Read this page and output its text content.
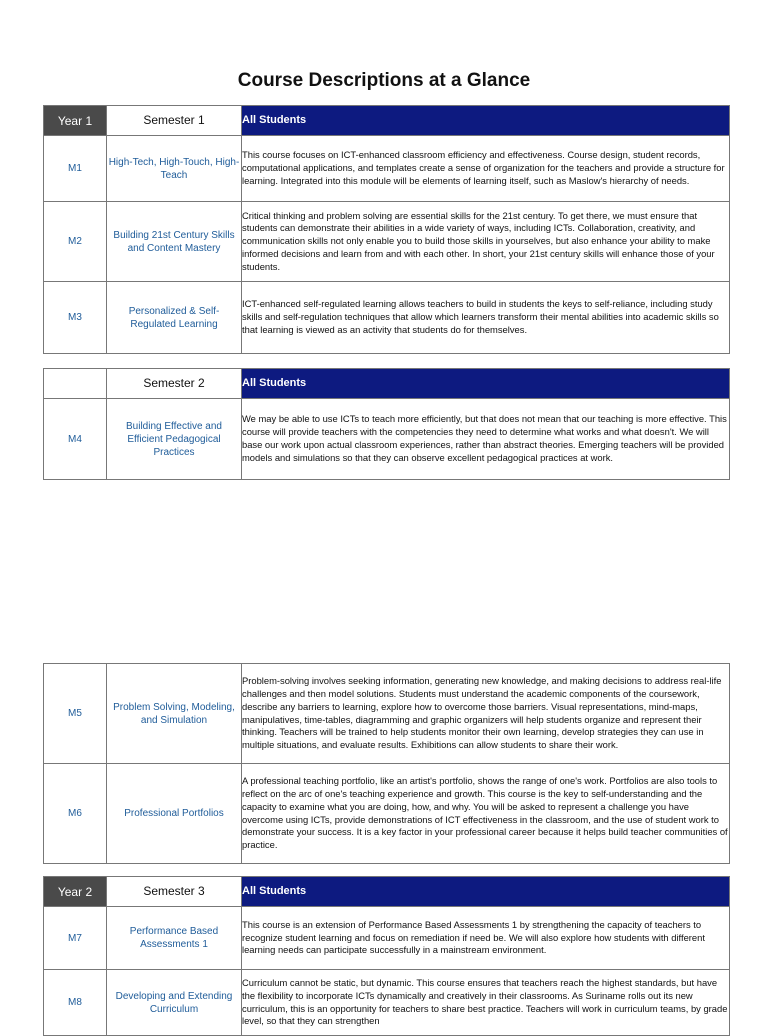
Course Descriptions at a Glance
Year 1	Semester 1	All Students
M1	High-Tech, High-Touch, High-Teach	This course focuses on ICT-enhanced classroom efficiency and effectiveness. Course design, student records, computational applications, and templates create a sense of organization for the teachers and provide a structure for learning. Integrated into this module will be elements of learning itself, such as Maslow's hierarchy of needs.
M2	Building 21st Century Skills and Content Mastery	Critical thinking and problem solving are essential skills for the 21st century. To get there, we must ensure that students can demonstrate their abilities in a wide variety of ways, including ICTs. Collaboration, creativity, and communication skills not only enable you to build those skills in yourselves, but also enhance your ability to make informed decisions and learn from and with each other. In short, your 21st century skills will enhance those of your students.
M3	Personalized & Self-Regulated Learning	ICT-enhanced self-regulated learning allows teachers to build in students the keys to self-reliance, including study skills and self-regulation techniques that allow which learners transform their mental abilities into academic skills so that learning is viewed as an activity that students do for themselves.
	Semester 2	All Students
M4	Building Effective and Efficient Pedagogical Practices	We may be able to use ICTs to teach more efficiently, but that does not mean that our teaching is more effective. This course will provide teachers with the competencies they need to determine what works and what doesn't. We will base our work upon actual classroom experiences, rather than abstract theories. Emerging teachers will be provided models and simulations so that they can observe excellent pedagogical practices at work.
M5	Problem Solving, Modeling, and Simulation	Problem-solving involves seeking information, generating new knowledge, and making decisions to address real-life challenges and then model solutions. Students must understand the academic components of the coursework, describe any barriers to learning, explore how to overcome those barriers. Visual representations, mind-maps, manipulatives, time-tables, diagramming and graphic organizers will help students organize and represent their thinking. Teachers will be trained to help students monitor their own learning, develop strategies they can use in multiple situations, and evaluate results. Exhibitions can allow students to share their work.
M6	Professional Portfolios	A professional teaching portfolio, like an artist's portfolio, shows the range of one's work. Portfolios are also tools to reflect on the arc of one's teaching experience and growth. This course is the key to self-understanding and the capacity to examine what you are doing, how, and why. You will be asked to represent a challenge you have overcome using ICTs, provide demonstrations of ICT effectiveness in the classroom, and the use of student work to demonstrate your success. It is a key factor in your professional career because it helps build teacher communities of practice.
Year 2	Semester 3	All Students
M7	Performance Based Assessments 1	This course is an extension of Performance Based Assessments 1 by strengthening the capacity of teachers to recognize student learning and focus on remediation if need be. We will also explore how students with different learning needs can participate successfully in a mainstream environment.
M8	Developing and Extending Curriculum	Curriculum cannot be static, but dynamic. This course ensures that teachers reach the highest standards, but have the flexibility to incorporate ICTs dynamically and creatively in their classrooms. As Suriname rolls out its new curriculum, this is an opportunity for teachers to share best practice. Teachers will work in curriculum teams, by grade level, so that they can strengthen
